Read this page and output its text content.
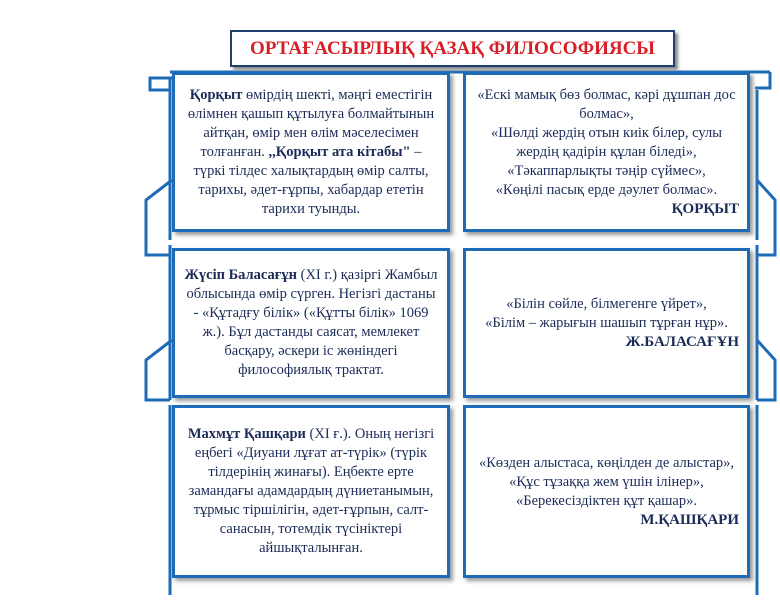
ОРТАҒАСЫРЛЫҚ ҚАЗАҚ ФИЛОСОФИЯСЫ
Қорқыт өмірдің шекті, мәңгі еместігін өлімнен қашып құтылуға болмайтынын айтқан, өмір мен өлім мәселесімен толғанған. ,,Қорқыт ата кітабы" – түркі тілдес халықтардың өмір салты, тарихы, әдет-ғұрпы, хабардар ететін тарихи туынды.
«Ескі мамық бөз болмас, кәрі дұшпан дос болмас»,
«Шөлді жердің отын киік білер, сулы жердің қадірін құлан біледі»,
«Тәкаппарлықты тәңір сүймес»,
«Көңілі пасық ерде дәулет болмас».
ҚОРҚЫТ
Жүсіп Баласағұн (XI г.) қазіргі Жамбыл облысында өмір сүрген. Негізгі дастаны - «Құтадғу білік» («Құтты білік» 1069 ж.). Бұл дастанды саясат, мемлекет басқару, әскери іс жөніндегі философиялық трактат.
«Білін сөйле, білмегенге үйрет»,
«Білім – жарығын шашып тұрған нұр».
Ж.БАЛАСАҒҰН
Махмұт Қашқари (XI ғ.). Оның негізгі еңбегі «Диуани лұғат ат-түрік» (түрік тілдерінің жинағы). Еңбекте ерте замандағы адамдардың дүниетанымын, тұрмыс тіршілігін, әдет-ғұрпын, салт-санасын, тотемдік түсініктері айшықталынған.
«Көзден алыстаса, көңілден де алыстар»,
«Құс тұзаққа жем үшін ілінер»,
«Берекесіздіктен құт қашар».
М.ҚАШҚАРИ
